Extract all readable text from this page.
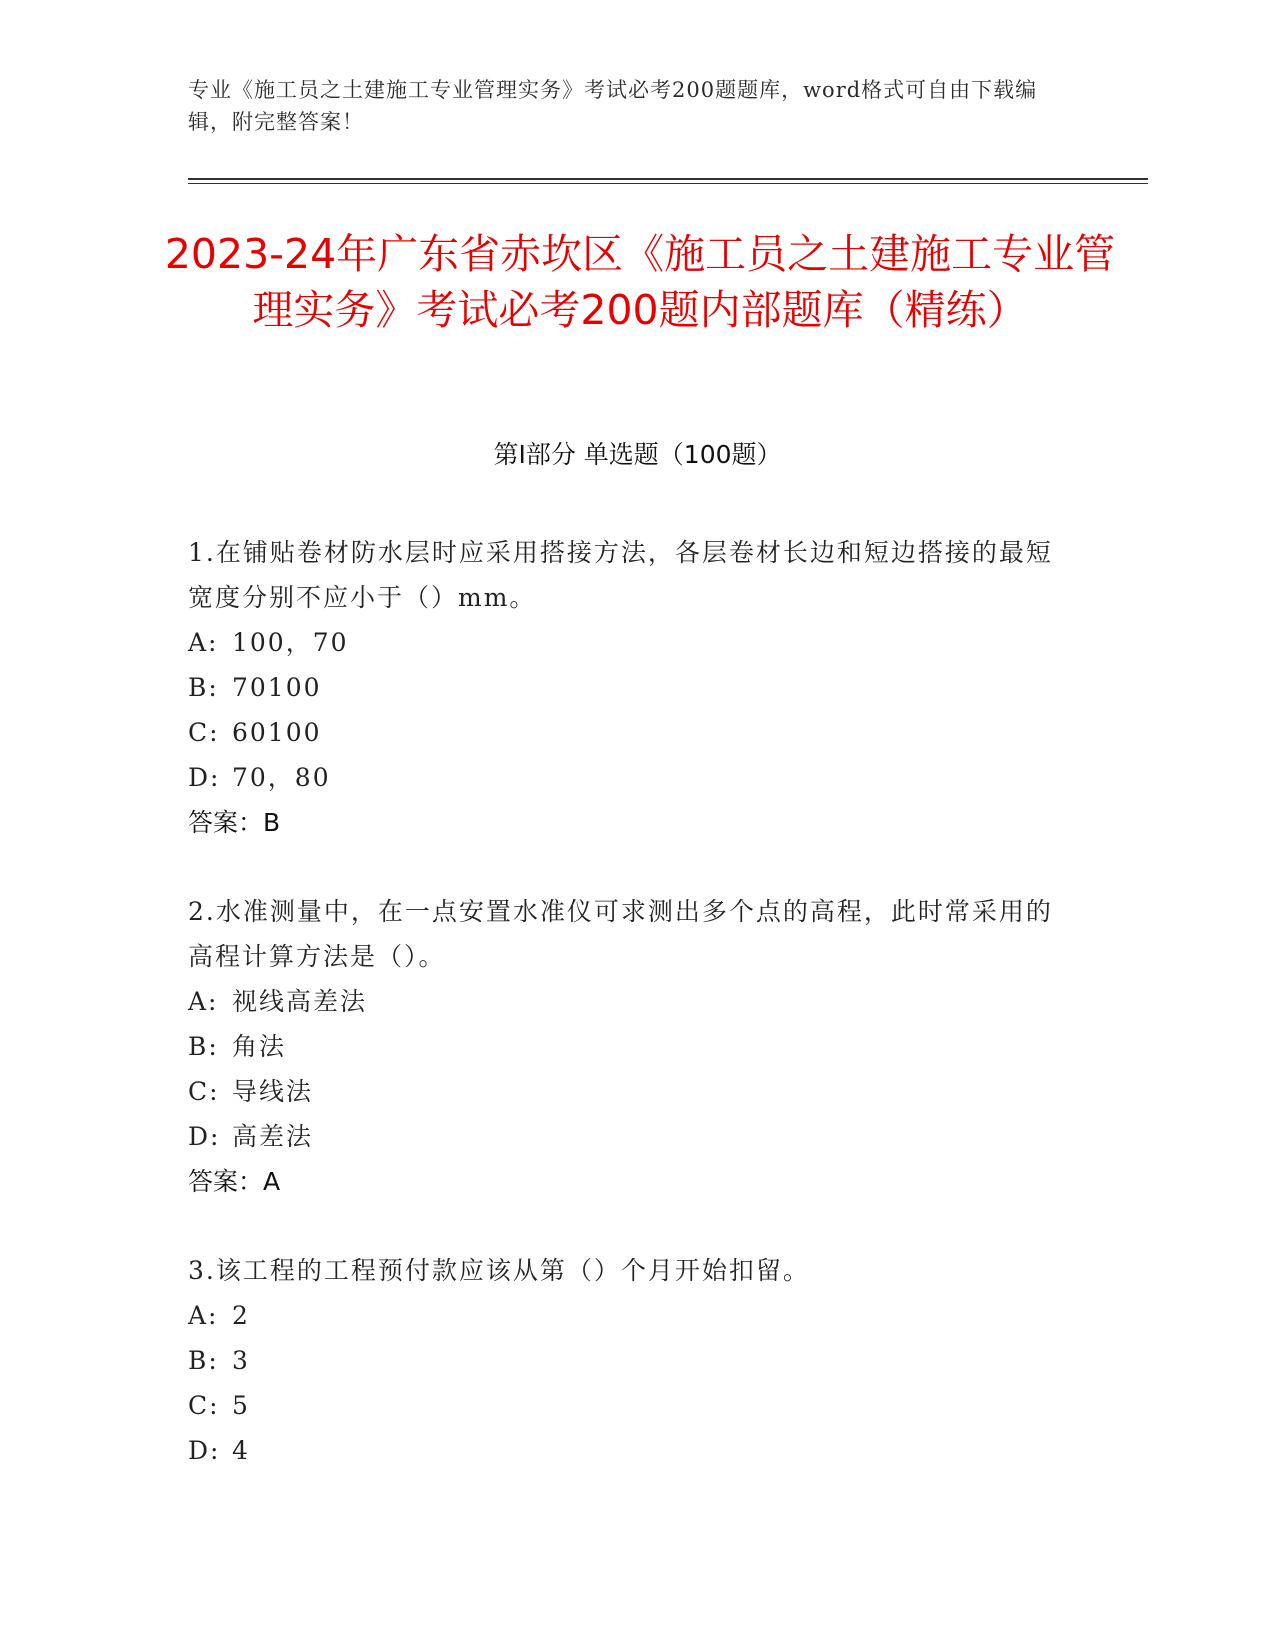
专业《施工员之土建施工专业管理实务》考试必考200题题库，word格式可自由下载编辑，附完整答案！
2023-24年广东省赤坎区《施工员之土建施工专业管理实务》考试必考200题内部题库（精练）
第Ⅰ部分 单选题（100题）
1.在铺贴卷材防水层时应采用搭接方法，各层卷材长边和短边搭接的最短宽度分别不应小于（）mm。
A: 100，70
B: 70100
C: 60100
D: 70，80
答案：B
2.水准测量中，在一点安置水准仪可求测出多个点的高程，此时常采用的高程计算方法是（）。
A: 视线高差法
B: 角法
C: 导线法
D: 高差法
答案：A
3.该工程的工程预付款应该从第（）个月开始扣留。
A: 2
B: 3
C: 5
D: 4
